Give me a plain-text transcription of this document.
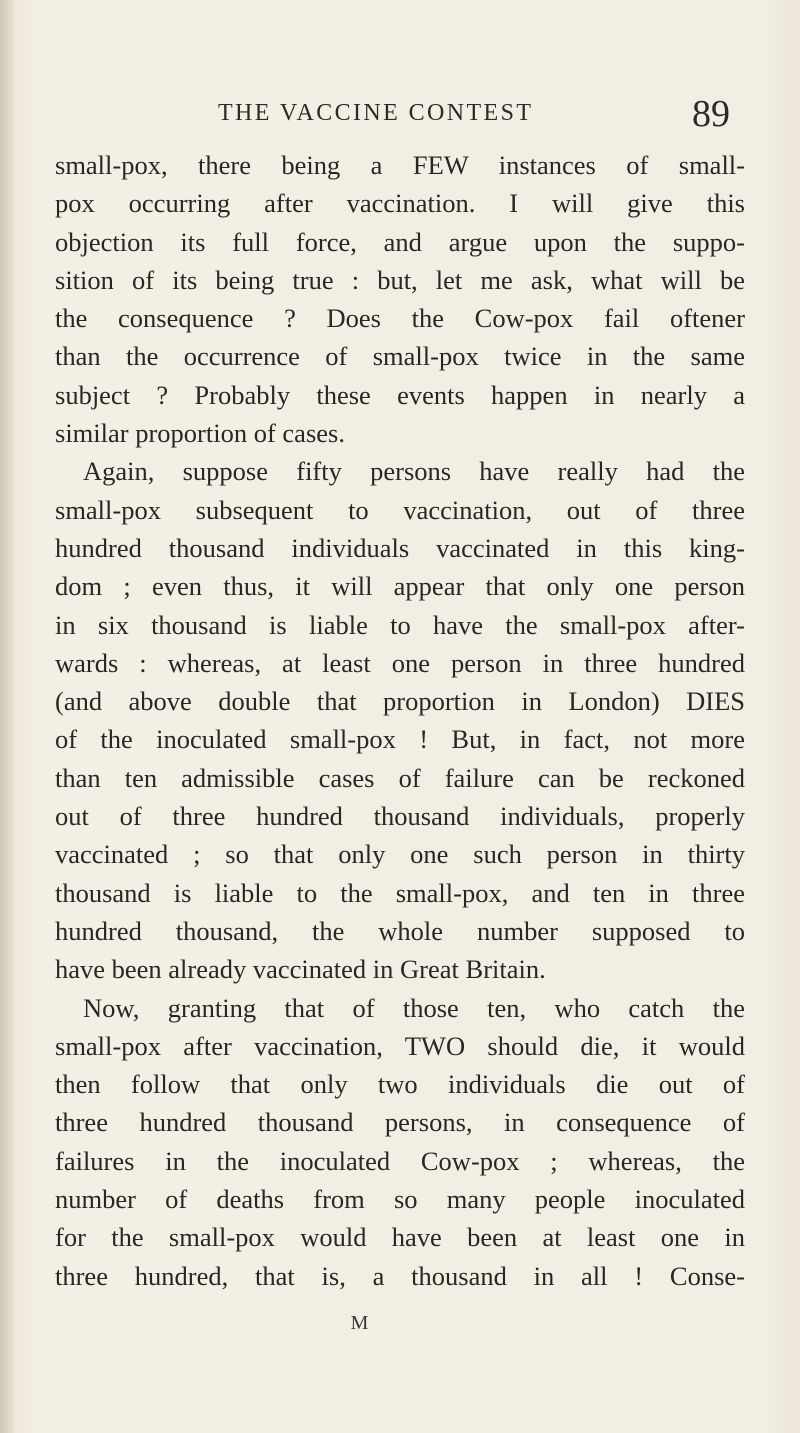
THE VACCINE CONTEST	89
small-pox, there being a FEW instances of small-
pox occurring after vaccination. I will give this
objection its full force, and argue upon the suppo-
sition of its being true : but, let me ask, what will be
the consequence ? Does the Cow-pox fail oftener
than the occurrence of small-pox twice in the same
subject ? Probably these events happen in nearly a
similar proportion of cases.
Again, suppose fifty persons have really had the
small-pox subsequent to vaccination, out of three
hundred thousand individuals vaccinated in this king-
dom ; even thus, it will appear that only one person
in six thousand is liable to have the small-pox after-
wards : whereas, at least one person in three hundred
(and above double that proportion in London) DIES
of the inoculated small-pox ! But, in fact, not more
than ten admissible cases of failure can be reckoned
out of three hundred thousand individuals, properly
vaccinated ; so that only one such person in thirty
thousand is liable to the small-pox, and ten in three
hundred thousand, the whole number supposed to
have been already vaccinated in Great Britain.
Now, granting that of those ten, who catch the
small-pox after vaccination, TWO should die, it would
then follow that only two individuals die out of
three hundred thousand persons, in consequence of
failures in the inoculated Cow-pox ; whereas, the
number of deaths from so many people inoculated
for the small-pox would have been at least one in
three hundred, that is, a thousand in all ! Conse-
M
